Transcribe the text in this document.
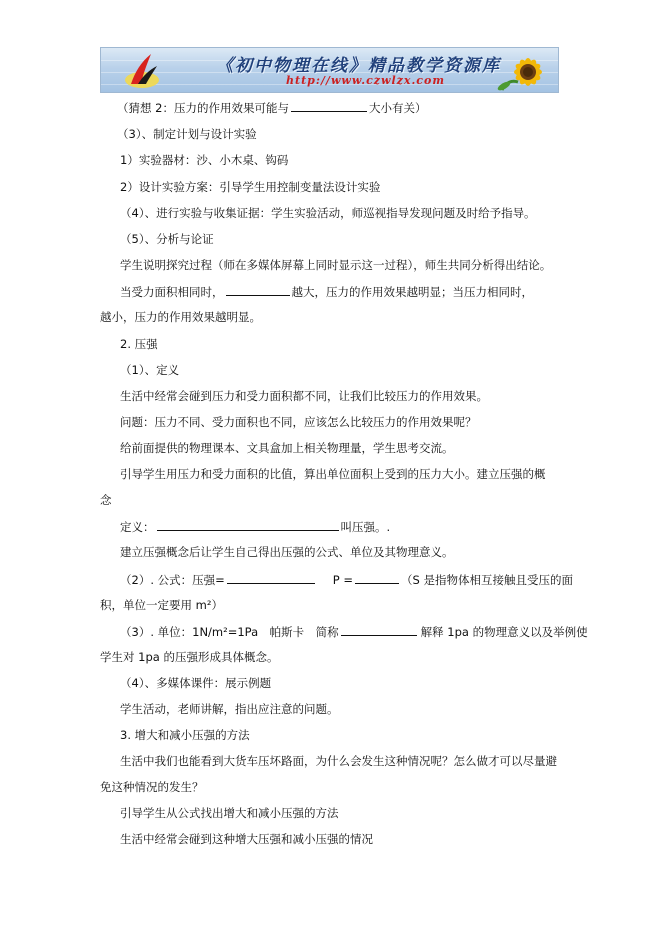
《初中物理在线》精品教学资源库
http://www.czwlzx.com
（猜想 2：压力的作用效果可能与	大小有关）
（3）、制定计划与设计实验
1）实验器材：沙、小木桌、钩码
2）设计实验方案：引导学生用控制变量法设计实验
（4）、进行实验与收集证据：学生实验活动，师巡视指导发现问题及时给予指导。
（5）、分析与论证
学生说明探究过程（师在多媒体屏幕上同时显示这一过程），师生共同分析得出结论。
当受力面积相同时，	越大，压力的作用效果越明显；当压力相同时，
越小，压力的作用效果越明显。
2. 压强
（1）、定义
生活中经常会碰到压力和受力面积都不同，让我们比较压力的作用效果。
问题：压力不同、受力面积也不同，应该怎么比较压力的作用效果呢？
给前面提供的物理课本、文具盒加上相关物理量，学生思考交流。
引导学生用压力和受力面积的比值，算出单位面积上受到的压力大小。建立压强的概
念
定义：	叫压强。.
建立压强概念后让学生自己得出压强的公式、单位及其物理意义。
（2）. 公式：压强=	P =	（S 是指物体相互接触且受压的面
积，单位一定要用 m²）
（3）. 单位：1N/m²=1Pa　帕斯卡　简称	解释 1pa 的物理意义以及举例使
学生对 1pa 的压强形成具体概念。
（4）、多媒体课件：展示例题
学生活动，老师讲解，指出应注意的问题。
3. 增大和减小压强的方法
生活中我们也能看到大货车压坏路面，为什么会发生这种情况呢？怎么做才可以尽量避
免这种情况的发生？
引导学生从公式找出增大和减小压强的方法
生活中经常会碰到这种增大压强和减小压强的情况
